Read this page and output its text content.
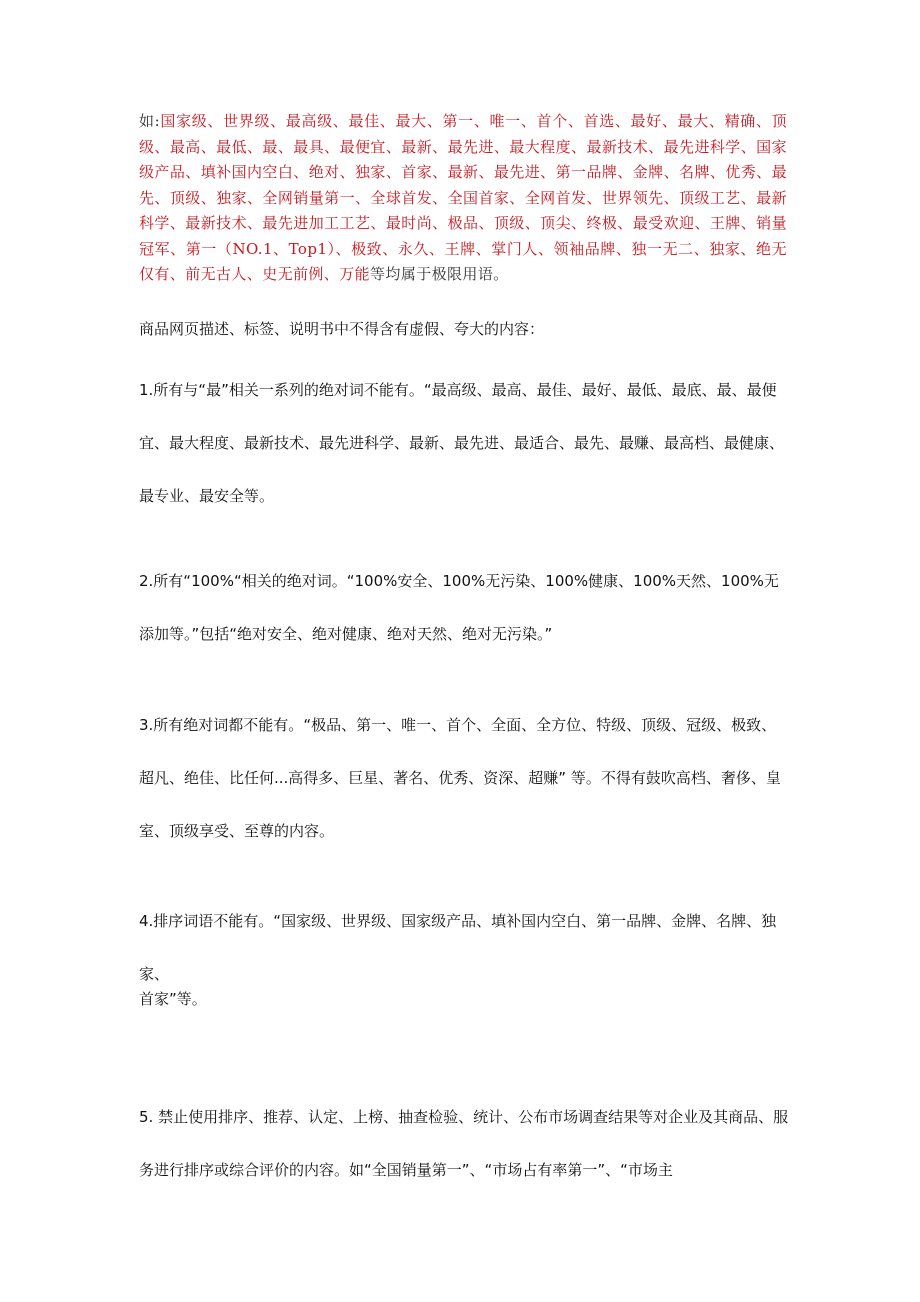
如:国家级、世界级、最高级、最佳、最大、第一、唯一、首个、首选、最好、最大、精确、顶级、最高、最低、最、最具、最便宜、最新、最先进、最大程度、最新技术、最先进科学、国家级产品、填补国内空白、绝对、独家、首家、最新、最先进、第一品牌、金牌、名牌、优秀、最先、顶级、独家、全网销量第一、全球首发、全国首家、全网首发、世界领先、顶级工艺、最新科学、最新技术、最先进加工工艺、最时尚、极品、顶级、顶尖、终极、最受欢迎、王牌、销量冠军、第一（NO.1、Top1）、极致、永久、王牌、掌门人、领袖品牌、独一无二、独家、绝无仅有、前无古人、史无前例、万能等均属于极限用语。

商品网页描述、标签、说明书中不得含有虚假、夸大的内容：

1.所有与“最”相关一系列的绝对词不能有。“最高级、最高、最佳、最好、最低、最底、最、最便宜、最大程度、最新技术、最先进科学、最新、最先进、最适合、最先、最赚、最高档、最健康、最专业、最安全等。

2.所有“100%“相关的绝对词。“100%安全、100%无污染、100%健康、100%天然、100%无添加等。”包括“绝对安全、绝对健康、绝对天然、绝对无污染。”

3.所有绝对词都不能有。“极品、第一、唯一、首个、全面、全方位、特级、顶级、冠级、极致、超凡、绝佳、比任何...高得多、巨星、著名、优秀、资深、超赚” 等。不得有鼓吹高档、奢侈、皇室、顶级享受、至尊的内容。

4.排序词语不能有。“国家级、世界级、国家级产品、填补国内空白、第一品牌、金牌、名牌、独家、
首家”等。

5. 禁止使用排序、推荐、认定、上榜、抽查检验、统计、公布市场调查结果等对企业及其商品、服务进行排序或综合评价的内容。如“全国销量第一”、“市场占有率第一”、“市场主
